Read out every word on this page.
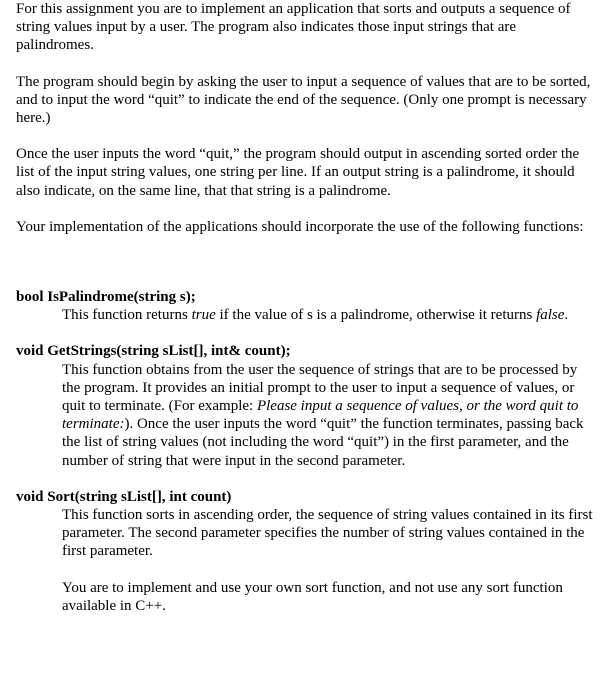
For this assignment you are to implement an application that sorts and outputs a sequence of string values input by a user. The program also indicates those input strings that are palindromes.

The program should begin by asking the user to input a sequence of values that are to be sorted, and to input the word “quit” to indicate the end of the sequence. (Only one prompt is necessary here.)

Once the user inputs the word “quit,” the program should output in ascending sorted order the list of the input string values, one string per line. If an output string is a palindrome, it should also indicate, on the same line, that that string is a palindrome.

Your implementation of the applications should incorporate the use of the following functions:

bool IsPalindrome(string s);

This function returns true if the value of s is a palindrome, otherwise it returns false.

void GetStrings(string sList[], int& count);

This function obtains from the user the sequence of strings that are to be processed by the program. It provides an initial prompt to the user to input a sequence of values, or quit to terminate. (For example: Please input a sequence of values, or the word quit to terminate:). Once the user inputs the word “quit” the function terminates, passing back the list of string values (not including the word “quit”) in the first parameter, and the number of string that were input in the second parameter.

void Sort(string sList[], int count)

This function sorts in ascending order, the sequence of string values contained in its first parameter. The second parameter specifies the number of string values contained in the first parameter.

You are to implement and use your own sort function, and not use any sort function available in C++.
